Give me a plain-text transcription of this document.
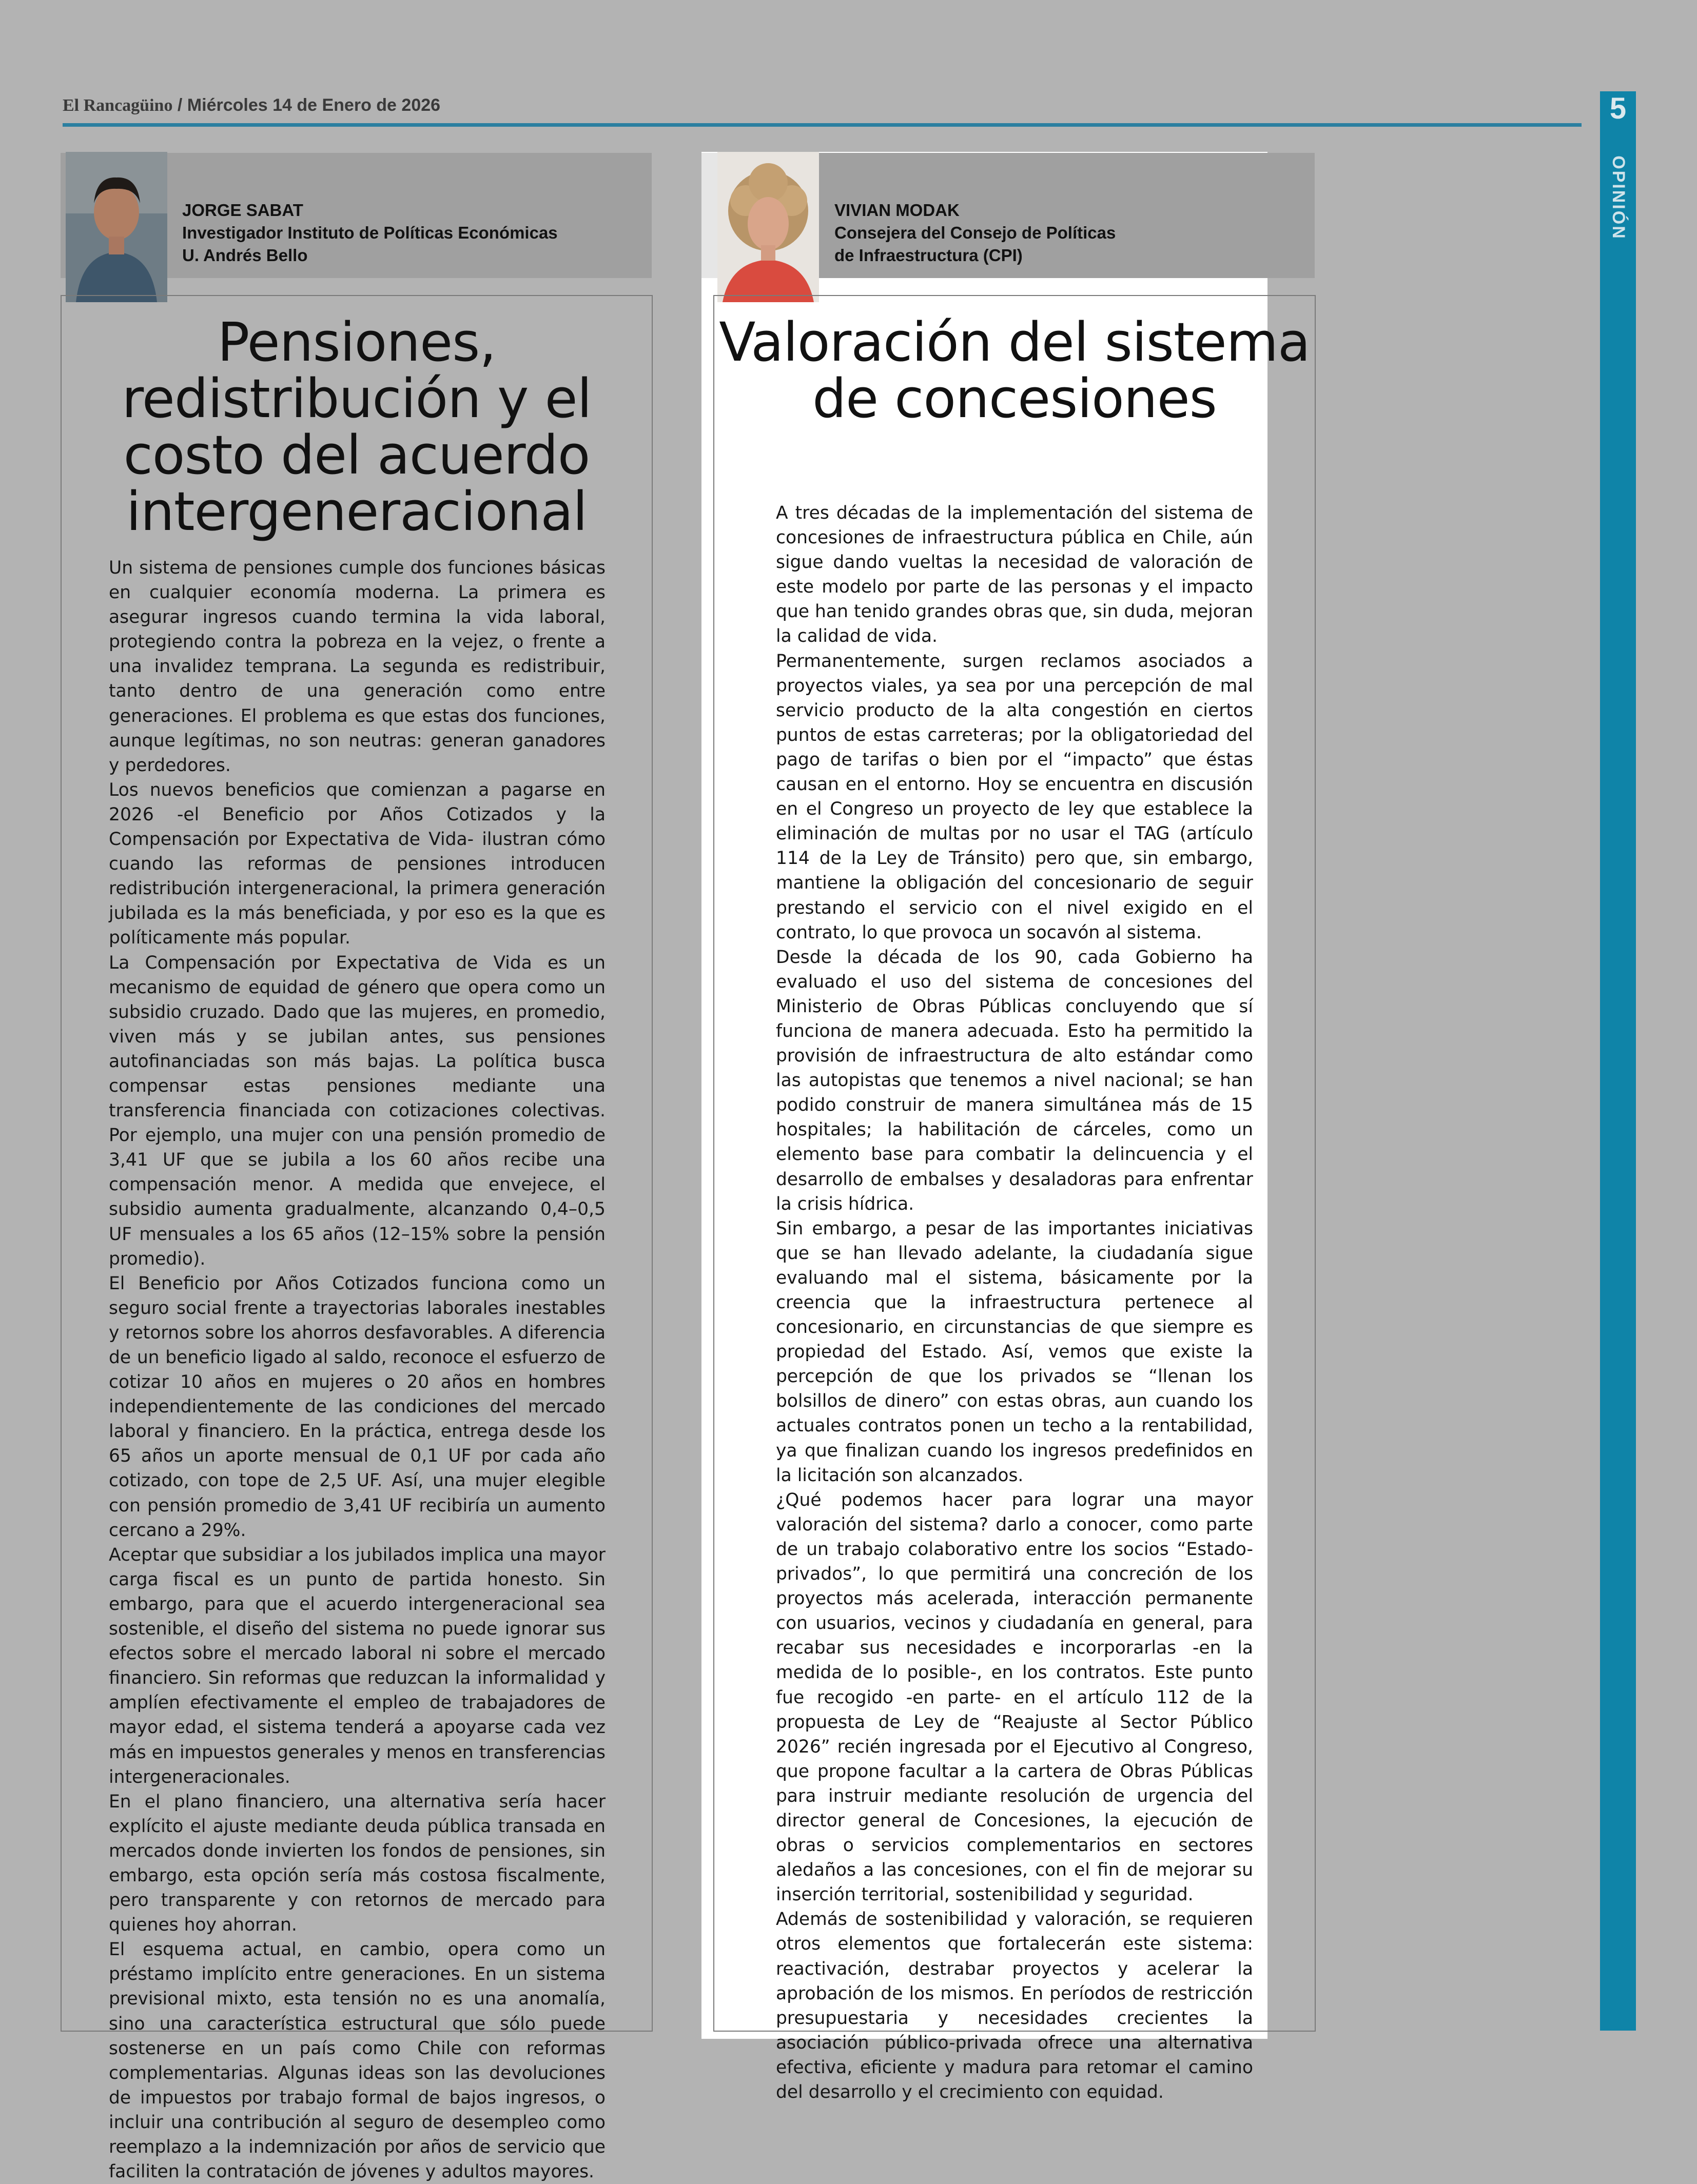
El Rancagüino / Miércoles 14 de Enero de 2026	5
OPINIÓN
JORGE SABAT
Investigador Instituto de Políticas Económicas
U. Andrés Bello
VIVIAN MODAK
Consejera del Consejo de Políticas
de Infraestructura (CPI)
Pensiones, redistribución y el costo del acuerdo intergeneracional
Valoración del sistema de concesiones

Un sistema de pensiones cumple dos funciones básicas en cualquier economía moderna. La primera es asegurar ingresos cuando termina la vida laboral, protegiendo contra la pobreza en la vejez, o frente a una invalidez temprana. La segunda es redistribuir, tanto dentro de una generación como entre generaciones. El problema es que estas dos funciones, aunque legítimas, no son neutras: generan ganadores y perdedores.

Los nuevos beneficios que comienzan a pagarse en 2026 -el Beneficio por Años Cotizados y la Compensación por Expectativa de Vida- ilustran cómo cuando las reformas de pensiones introducen redistribución intergeneracional, la primera generación jubilada es la más beneficiada, y por eso es la que es políticamente más popular.

La Compensación por Expectativa de Vida es un mecanismo de equidad de género que opera como un subsidio cruzado. Dado que las mujeres, en promedio, viven más y se jubilan antes, sus pensiones autofinanciadas son más bajas. La política busca compensar estas pensiones mediante una transferencia financiada con cotizaciones colectivas. Por ejemplo, una mujer con una pensión promedio de 3,41 UF que se jubila a los 60 años recibe una compensación menor. A medida que envejece, el subsidio aumenta gradualmente, alcanzando 0,4–0,5 UF mensuales a los 65 años (12–15% sobre la pensión promedio).

El Beneficio por Años Cotizados funciona como un seguro social frente a trayectorias laborales inestables y retornos sobre los ahorros desfavorables. A diferencia de un beneficio ligado al saldo, reconoce el esfuerzo de cotizar 10 años en mujeres o 20 años en hombres independientemente de las condiciones del mercado laboral y financiero. En la práctica, entrega desde los 65 años un aporte mensual de 0,1 UF por cada año cotizado, con tope de 2,5 UF. Así, una mujer elegible con pensión promedio de 3,41 UF recibiría un aumento cercano a 29%.

Aceptar que subsidiar a los jubilados implica una mayor carga fiscal es un punto de partida honesto. Sin embargo, para que el acuerdo intergeneracional sea sostenible, el diseño del sistema no puede ignorar sus efectos sobre el mercado laboral ni sobre el mercado financiero. Sin reformas que reduzcan la informalidad y amplíen efectivamente el empleo de trabajadores de mayor edad, el sistema tenderá a apoyarse cada vez más en impuestos generales y menos en transferencias intergeneracionales.

En el plano financiero, una alternativa sería hacer explícito el ajuste mediante deuda pública transada en mercados donde invierten los fondos de pensiones, sin embargo, esta opción sería más costosa fiscalmente, pero transparente y con retornos de mercado para quienes hoy ahorran.

El esquema actual, en cambio, opera como un préstamo implícito entre generaciones. En un sistema previsional mixto, esta tensión no es una anomalía, sino una característica estructural que sólo puede sostenerse en un país como Chile con reformas complementarias. Algunas ideas son las devoluciones de impuestos por trabajo formal de bajos ingresos, o incluir una contribución al seguro de desempleo como reemplazo a la indemnización por años de servicio que faciliten la contratación de jóvenes y adultos mayores.

A tres décadas de la implementación del sistema de concesiones de infraestructura pública en Chile, aún sigue dando vueltas la necesidad de valoración de este modelo por parte de las personas y el impacto que han tenido grandes obras que, sin duda, mejoran la calidad de vida.

Permanentemente, surgen reclamos asociados a proyectos viales, ya sea por una percepción de mal servicio producto de la alta congestión en ciertos puntos de estas carreteras; por la obligatoriedad del pago de tarifas o bien por el “impacto” que éstas causan en el entorno. Hoy se encuentra en discusión en el Congreso un proyecto de ley que establece la eliminación de multas por no usar el TAG (artículo 114 de la Ley de Tránsito) pero que, sin embargo, mantiene la obligación del concesionario de seguir prestando el servicio con el nivel exigido en el contrato, lo que provoca un socavón al sistema.

Desde la década de los 90, cada Gobierno ha evaluado el uso del sistema de concesiones del Ministerio de Obras Públicas concluyendo que sí funciona de manera adecuada. Esto ha permitido la provisión de infraestructura de alto estándar como las autopistas que tenemos a nivel nacional; se han podido construir de manera simultánea más de 15 hospitales; la habilitación de cárceles, como un elemento base para combatir la delincuencia y el desarrollo de embalses y desaladoras para enfrentar la crisis hídrica.

Sin embargo, a pesar de las importantes iniciativas que se han llevado adelante, la ciudadanía sigue evaluando mal el sistema, básicamente por la creencia que la infraestructura pertenece al concesionario, en circunstancias de que siempre es propiedad del Estado. Así, vemos que existe la percepción de que los privados se “llenan los bolsillos de dinero” con estas obras, aun cuando los actuales contratos ponen un techo a la rentabilidad, ya que finalizan cuando los ingresos predefinidos en la licitación son alcanzados.

¿Qué podemos hacer para lograr una mayor valoración del sistema? darlo a conocer, como parte de un trabajo colaborativo entre los socios “Estado-privados”, lo que permitirá una concreción de los proyectos más acelerada, interacción permanente con usuarios, vecinos y ciudadanía en general, para recabar sus necesidades e incorporarlas -en la medida de lo posible-, en los contratos. Este punto fue recogido -en parte- en el artículo 112 de la propuesta de Ley de “Reajuste al Sector Público 2026” recién ingresada por el Ejecutivo al Congreso, que propone facultar a la cartera de Obras Públicas para instruir mediante resolución de urgencia del director general de Concesiones, la ejecución de obras o servicios complementarios en sectores aledaños a las concesiones, con el fin de mejorar su inserción territorial, sostenibilidad y seguridad.

Además de sostenibilidad y valoración, se requieren otros elementos que fortalecerán este sistema: reactivación, destrabar proyectos y acelerar la aprobación de los mismos. En períodos de restricción presupuestaria y necesidades crecientes la asociación público-privada ofrece una alternativa efectiva, eficiente y madura para retomar el camino del desarrollo y el crecimiento con equidad.
